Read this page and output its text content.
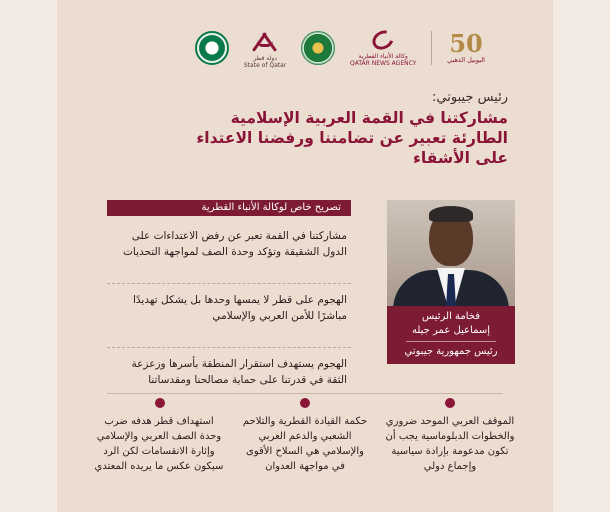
دولة قطر
State of Qatar
وكالة الأنباء القطرية
QATAR NEWS AGENCY
50
اليوبيل الذهبي
رئيس جيبوتي:
مشاركتنا في القمة العربية الإسلامية الطارئة تعبير عن تضامننا ورفضنا الاعتداء على الأشقاء
تصريح خاص لوكالة الأنباء القطرية
مشاركتنا في القمة تعبر عن رفض الاعتداءات على الدول الشقيقة وتؤكد وحدة الصف لمواجهة التحديات
الهجوم على قطر لا يمسها وحدها بل يشكل تهديدًا مباشرًا للأمن العربي والإسلامي
الهجوم يستهدف استقرار المنطقة بأسرها وزعزعة الثقة في قدرتنا على حماية مصالحنا ومقدساتنا
فخامة الرئيس
إسماعيل عمر جيله
رئيس جمهورية جيبوتي
الموقف العربي الموحد ضروري والخطوات الدبلوماسية يجب أن تكون مدعومة بإرادة سياسية وإجماع دولي
حكمة القيادة القطرية والتلاحم الشعبي والدعم العربي والإسلامي هي السلاح الأقوى في مواجهة العدوان
استهداف قطر هدفه ضرب وحدة الصف العربي والإسلامي وإثارة الانقسامات لكن الرد سيكون عكس ما يريده المعتدي
